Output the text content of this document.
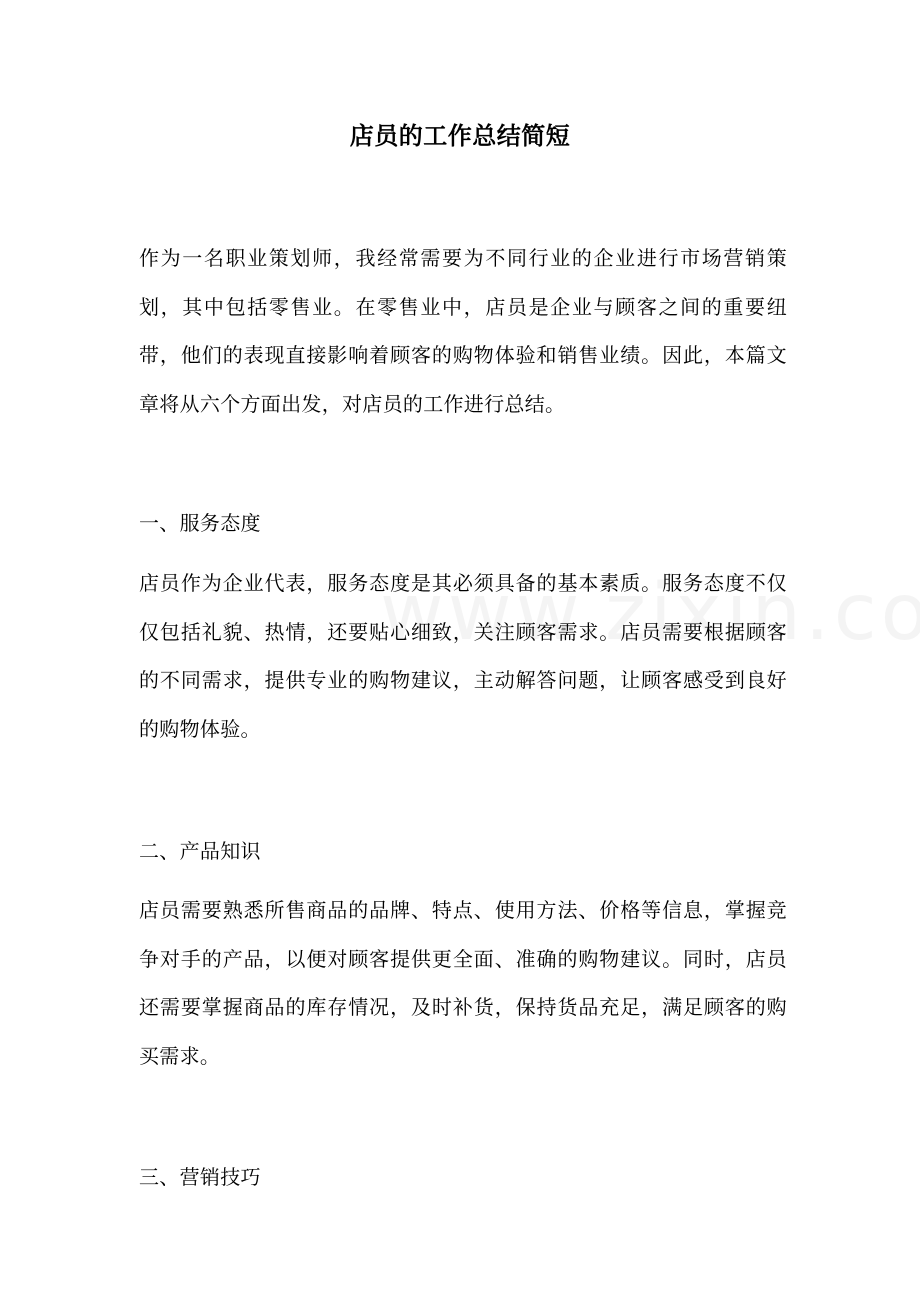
店员的工作总结简短
作为一名职业策划师，我经常需要为不同行业的企业进行市场营销策划，其中包括零售业。在零售业中，店员是企业与顾客之间的重要纽带，他们的表现直接影响着顾客的购物体验和销售业绩。因此，本篇文章将从六个方面出发，对店员的工作进行总结。
一、服务态度
店员作为企业代表，服务态度是其必须具备的基本素质。服务态度不仅仅包括礼貌、热情，还要贴心细致，关注顾客需求。店员需要根据顾客的不同需求，提供专业的购物建议，主动解答问题，让顾客感受到良好的购物体验。
二、产品知识
店员需要熟悉所售商品的品牌、特点、使用方法、价格等信息，掌握竞争对手的产品，以便对顾客提供更全面、准确的购物建议。同时，店员还需要掌握商品的库存情况，及时补货，保持货品充足，满足顾客的购买需求。
三、营销技巧
